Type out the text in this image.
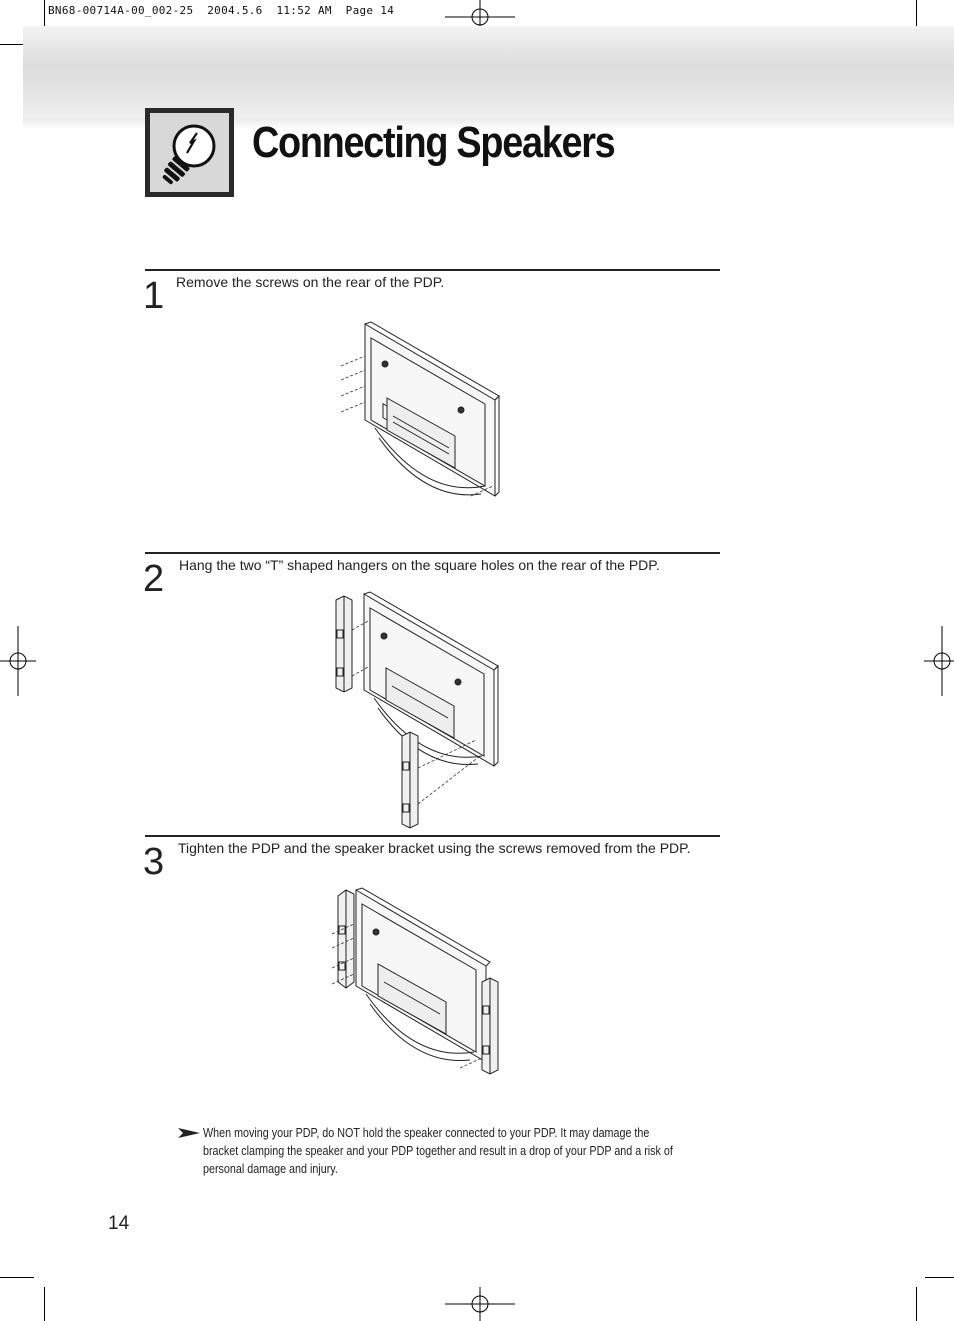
BN68-00714A-00_002-25  2004.5.6  11:52 AM  Page 14
Connecting Speakers
1 Remove the screws on the rear of the PDP.
2 Hang the two “T” shaped hangers on the square holes on the rear of the PDP.
3 Tighten the PDP and the speaker bracket using the screws removed from the PDP.
When moving your PDP, do NOT hold the speaker connected to your PDP. It may damage the bracket clamping the speaker and your PDP together and result in a drop of your PDP and a risk of personal damage and injury.
14
